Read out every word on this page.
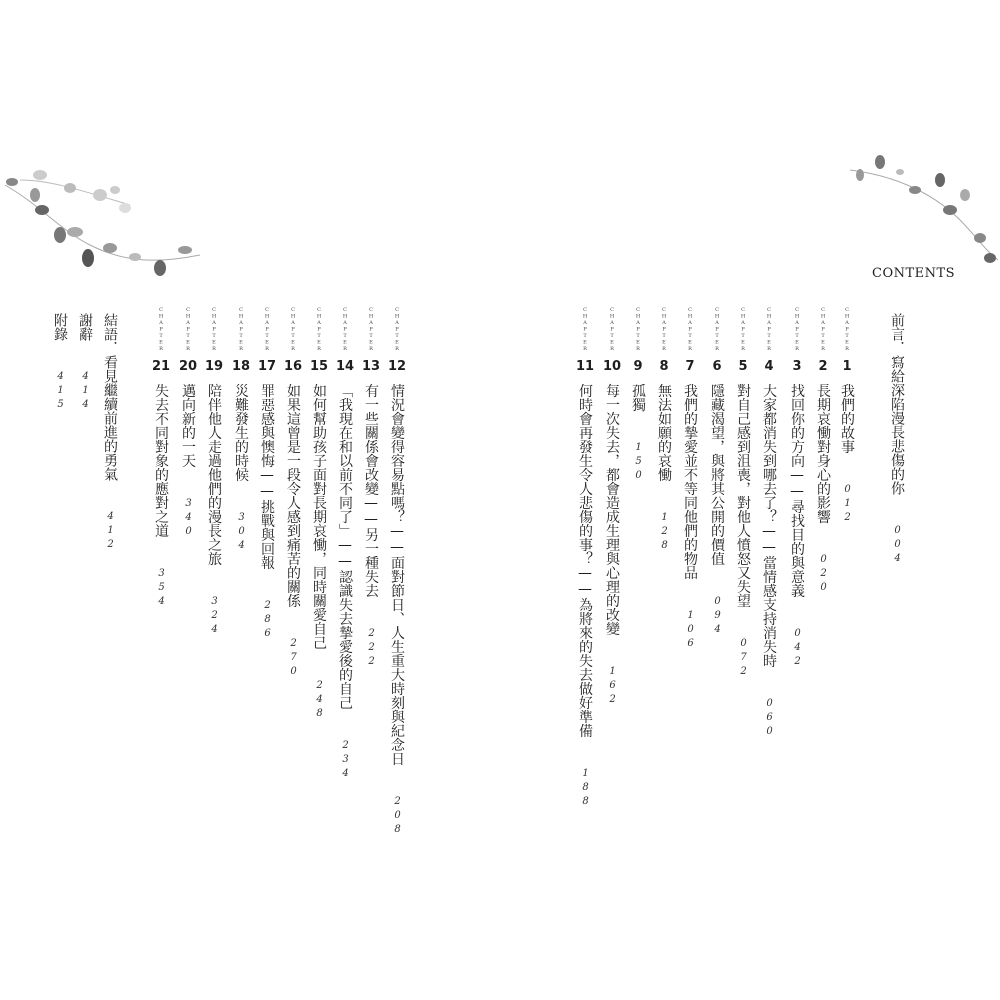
CONTENTS
前言．寫給深陷漫長悲傷的你004
CHAPTER1我們的故事012
CHAPTER2長期哀慟對身心的影響020
CHAPTER3找回你的方向——尋找目的與意義042
CHAPTER4大家都消失到哪去了？——當情感支持消失時060
CHAPTER5對自己感到沮喪，對他人憤怒又失望072
CHAPTER6隱藏渴望，與將其公開的價值094
CHAPTER7我們的摯愛並不等同他們的物品106
CHAPTER8無法如願的哀慟128
CHAPTER9孤獨150
CHAPTER10每一次失去，都會造成生理與心理的改變162
CHAPTER11何時會再發生令人悲傷的事？——為將來的失去做好準備188
CHAPTER12情況會變得容易點嗎？——面對節日、人生重大時刻與紀念日208
CHAPTER13有一些關係會改變——另一種失去222
CHAPTER14「我現在和以前不同了」——認識失去摯愛後的自己234
CHAPTER15如何幫助孩子面對長期哀慟，同時關愛自己248
CHAPTER16如果這曾是一段令人感到痛苦的關係270
CHAPTER17罪惡感與懊悔——挑戰與回報286
CHAPTER18災難發生的時候304
CHAPTER19陪伴他人走過他們的漫長之旅324
CHAPTER20邁向新的一天340
CHAPTER21失去不同對象的應對之道354
結語．看見繼續前進的勇氣412
謝辭414
附錄415
